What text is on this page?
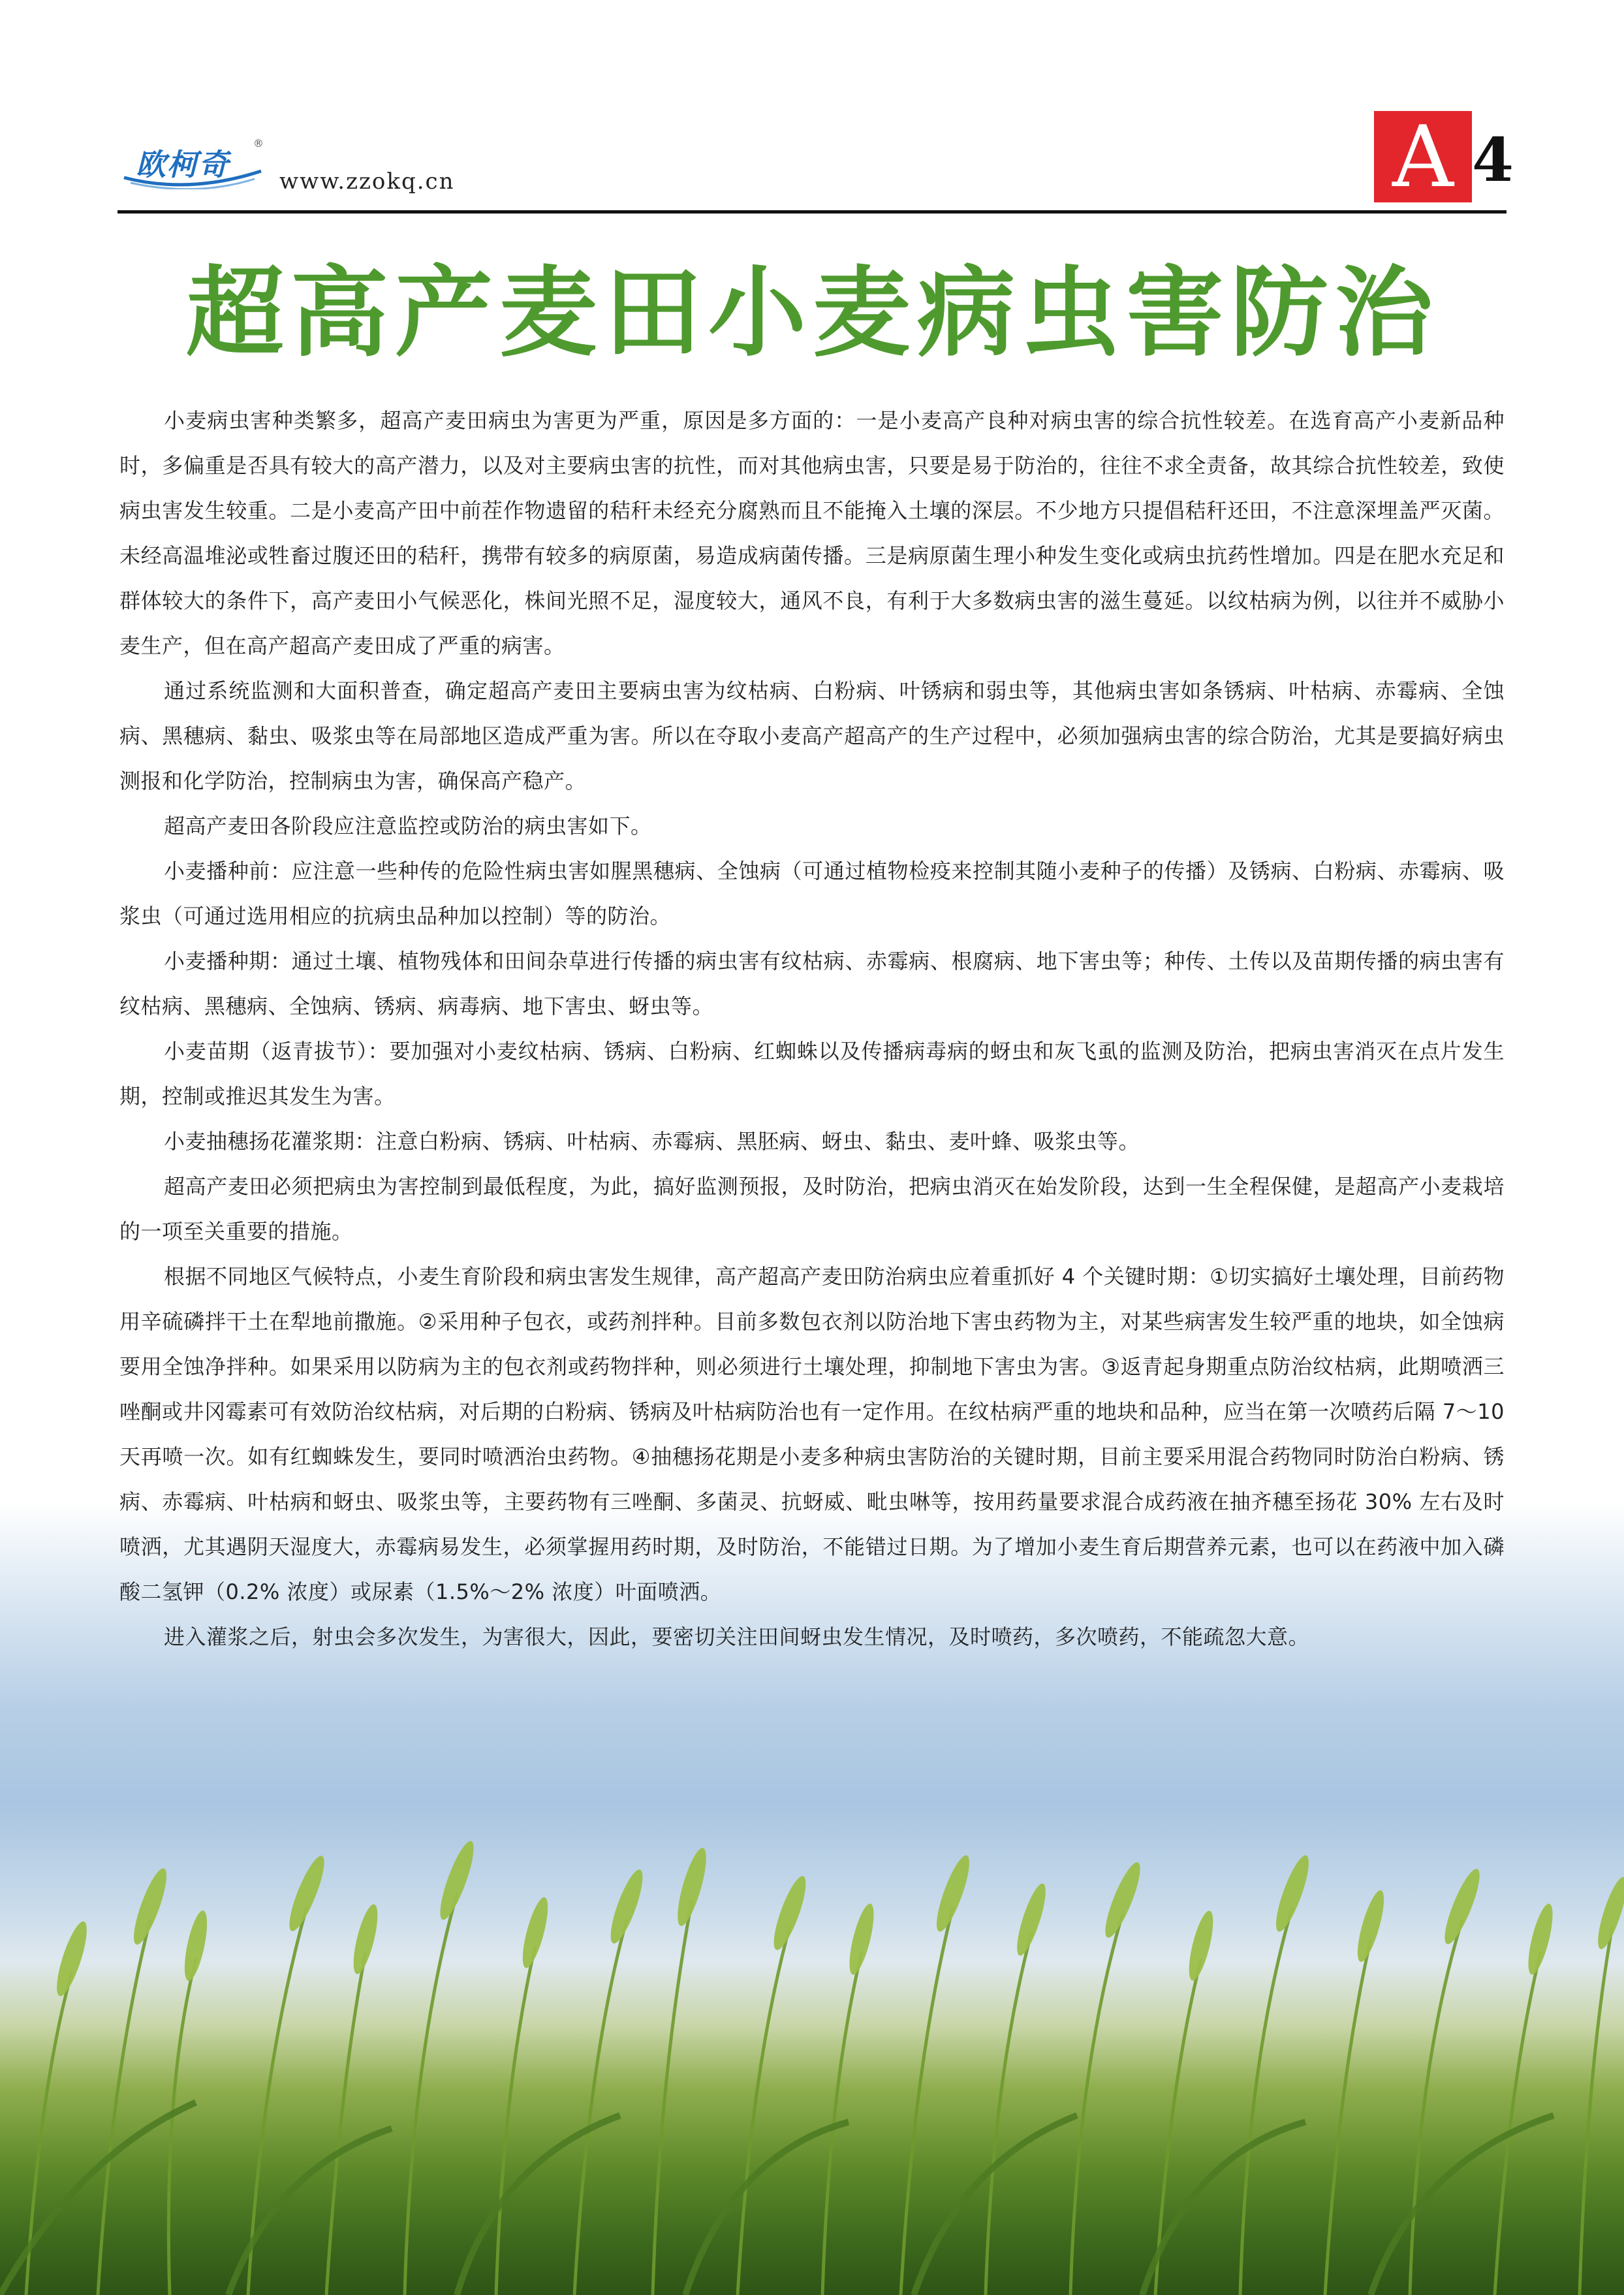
欧柯奇
®
www.zzokq.cn	A 4
超高产麦田小麦病虫害防治

小麦病虫害种类繁多，超高产麦田病虫为害更为严重，原因是多方面的：一是小麦高产良种对病虫害的综合抗性较差。在选育高产小麦新品种时，多偏重是否具有较大的高产潜力，以及对主要病虫害的抗性，而对其他病虫害，只要是易于防治的，往往不求全责备，故其综合抗性较差，致使病虫害发生较重。二是小麦高产田中前茬作物遗留的秸秆未经充分腐熟而且不能掩入土壤的深层。不少地方只提倡秸秆还田，不注意深埋盖严灭菌。未经高温堆泌或牲畜过腹还田的秸秆，携带有较多的病原菌，易造成病菌传播。三是病原菌生理小种发生变化或病虫抗药性增加。四是在肥水充足和群体较大的条件下，高产麦田小气候恶化，株间光照不足，湿度较大，通风不良，有利于大多数病虫害的滋生蔓延。以纹枯病为例，以往并不威胁小麦生产，但在高产超高产麦田成了严重的病害。

通过系统监测和大面积普查，确定超高产麦田主要病虫害为纹枯病、白粉病、叶锈病和弱虫等，其他病虫害如条锈病、叶枯病、赤霉病、全蚀病、黑穗病、黏虫、吸浆虫等在局部地区造成严重为害。所以在夺取小麦高产超高产的生产过程中，必须加强病虫害的综合防治，尤其是要搞好病虫测报和化学防治，控制病虫为害，确保高产稳产。

超高产麦田各阶段应注意监控或防治的病虫害如下。

小麦播种前：应注意一些种传的危险性病虫害如腥黑穗病、全蚀病（可通过植物检疫来控制其随小麦种子的传播）及锈病、白粉病、赤霉病、吸浆虫（可通过选用相应的抗病虫品种加以控制）等的防治。

小麦播种期：通过土壤、植物残体和田间杂草进行传播的病虫害有纹枯病、赤霉病、根腐病、地下害虫等；种传、土传以及苗期传播的病虫害有纹枯病、黑穗病、全蚀病、锈病、病毒病、地下害虫、蚜虫等。

小麦苗期（返青拔节）：要加强对小麦纹枯病、锈病、白粉病、红蜘蛛以及传播病毒病的蚜虫和灰飞虱的监测及防治，把病虫害消灭在点片发生期，控制或推迟其发生为害。

小麦抽穗扬花灌浆期：注意白粉病、锈病、叶枯病、赤霉病、黑胚病、蚜虫、黏虫、麦叶蜂、吸浆虫等。

超高产麦田必须把病虫为害控制到最低程度，为此，搞好监测预报，及时防治，把病虫消灭在始发阶段，达到一生全程保健，是超高产小麦栽培的一项至关重要的措施。

根据不同地区气候特点，小麦生育阶段和病虫害发生规律，高产超高产麦田防治病虫应着重抓好 4 个关键时期：①切实搞好土壤处理，目前药物用辛硫磷拌干土在犁地前撒施。②采用种子包衣，或药剂拌种。目前多数包衣剂以防治地下害虫药物为主，对某些病害发生较严重的地块，如全蚀病要用全蚀净拌种。如果采用以防病为主的包衣剂或药物拌种，则必须进行土壤处理，抑制地下害虫为害。③返青起身期重点防治纹枯病，此期喷洒三唑酮或井冈霉素可有效防治纹枯病，对后期的白粉病、锈病及叶枯病防治也有一定作用。在纹枯病严重的地块和品种，应当在第一次喷药后隔 7～10 天再喷一次。如有红蜘蛛发生，要同时喷洒治虫药物。④抽穗扬花期是小麦多种病虫害防治的关键时期，目前主要采用混合药物同时防治白粉病、锈病、赤霉病、叶枯病和蚜虫、吸浆虫等，主要药物有三唑酮、多菌灵、抗蚜威、毗虫啉等，按用药量要求混合成药液在抽齐穗至扬花 30% 左右及时喷洒，尤其遇阴天湿度大，赤霉病易发生，必须掌握用药时期，及时防治，不能错过日期。为了增加小麦生育后期营养元素，也可以在药液中加入磷酸二氢钾（0.2% 浓度）或尿素（1.5%～2% 浓度）叶面喷洒。

进入灌浆之后，射虫会多次发生，为害很大，因此，要密切关注田间蚜虫发生情况，及时喷药，多次喷药，不能疏忽大意。
